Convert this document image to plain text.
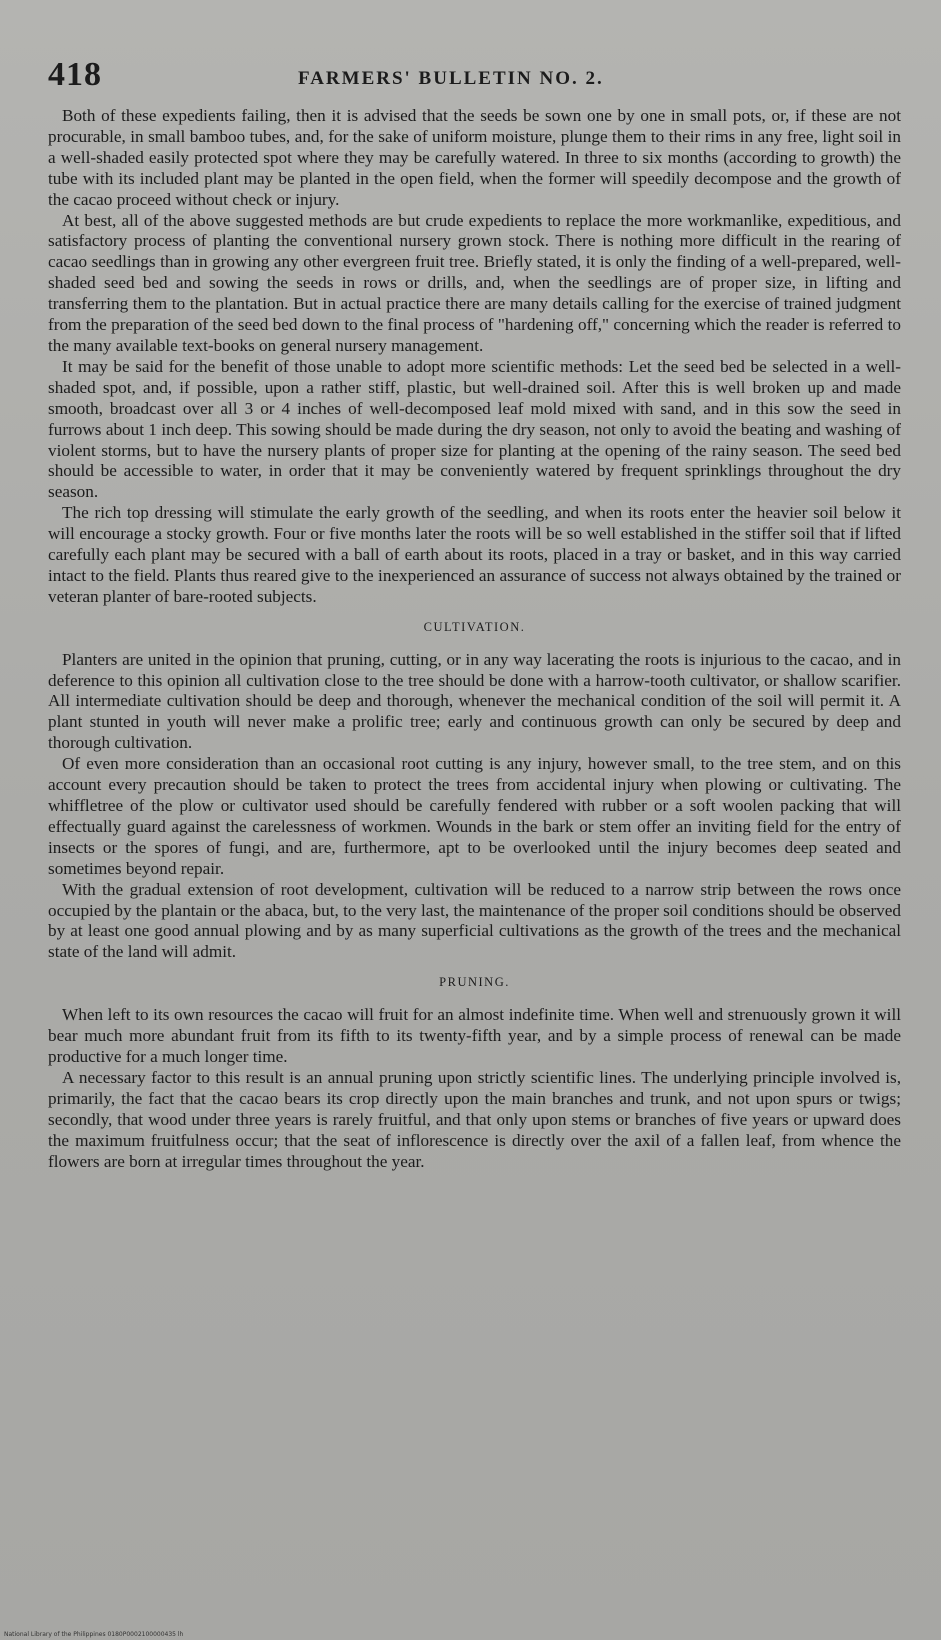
418	FARMERS' BULLETIN NO. 2.

Both of these expedients failing, then it is advised that the seeds be sown one by one in small pots, or, if these are not procurable, in small bamboo tubes, and, for the sake of uniform moisture, plunge them to their rims in any free, light soil in a well-shaded easily protected spot where they may be carefully watered. In three to six months (according to growth) the tube with its included plant may be planted in the open field, when the former will speedily decompose and the growth of the cacao proceed without check or injury.

At best, all of the above suggested methods are but crude expedients to replace the more workmanlike, expeditious, and satisfactory process of planting the conventional nursery grown stock. There is nothing more difficult in the rearing of cacao seedlings than in growing any other evergreen fruit tree. Briefly stated, it is only the finding of a well-prepared, well-shaded seed bed and sowing the seeds in rows or drills, and, when the seedlings are of proper size, in lifting and transferring them to the plantation. But in actual practice there are many details calling for the exercise of trained judgment from the preparation of the seed bed down to the final process of "hardening off," concerning which the reader is referred to the many available text-books on general nursery management.

It may be said for the benefit of those unable to adopt more scientific methods: Let the seed bed be selected in a well-shaded spot, and, if possible, upon a rather stiff, plastic, but well-drained soil. After this is well broken up and made smooth, broadcast over all 3 or 4 inches of well-decomposed leaf mold mixed with sand, and in this sow the seed in furrows about 1 inch deep. This sowing should be made during the dry season, not only to avoid the beating and washing of violent storms, but to have the nursery plants of proper size for planting at the opening of the rainy season. The seed bed should be accessible to water, in order that it may be conveniently watered by frequent sprinklings throughout the dry season.

The rich top dressing will stimulate the early growth of the seedling, and when its roots enter the heavier soil below it will encourage a stocky growth. Four or five months later the roots will be so well established in the stiffer soil that if lifted carefully each plant may be secured with a ball of earth about its roots, placed in a tray or basket, and in this way carried intact to the field. Plants thus reared give to the inexperienced an assurance of success not always obtained by the trained or veteran planter of bare-rooted subjects.

CULTIVATION.

Planters are united in the opinion that pruning, cutting, or in any way lacerating the roots is injurious to the cacao, and in deference to this opinion all cultivation close to the tree should be done with a harrow-tooth cultivator, or shallow scarifier. All intermediate cultivation should be deep and thorough, whenever the mechanical condition of the soil will permit it. A plant stunted in youth will never make a prolific tree; early and continuous growth can only be secured by deep and thorough cultivation.

Of even more consideration than an occasional root cutting is any injury, however small, to the tree stem, and on this account every precaution should be taken to protect the trees from accidental injury when plowing or cultivating. The whiffletree of the plow or cultivator used should be carefully fendered with rubber or a soft woolen packing that will effectually guard against the carelessness of workmen. Wounds in the bark or stem offer an inviting field for the entry of insects or the spores of fungi, and are, furthermore, apt to be overlooked until the injury becomes deep seated and sometimes beyond repair.

With the gradual extension of root development, cultivation will be reduced to a narrow strip between the rows once occupied by the plantain or the abaca, but, to the very last, the maintenance of the proper soil conditions should be observed by at least one good annual plowing and by as many superficial cultivations as the growth of the trees and the mechanical state of the land will admit.

PRUNING.

When left to its own resources the cacao will fruit for an almost indefinite time. When well and strenuously grown it will bear much more abundant fruit from its fifth to its twenty-fifth year, and by a simple process of renewal can be made productive for a much longer time.

A necessary factor to this result is an annual pruning upon strictly scientific lines. The underlying principle involved is, primarily, the fact that the cacao bears its crop directly upon the main branches and trunk, and not upon spurs or twigs; secondly, that wood under three years is rarely fruitful, and that only upon stems or branches of five years or upward does the maximum fruitfulness occur; that the seat of inflorescence is directly over the axil of a fallen leaf, from whence the flowers are born at irregular times throughout the year.

National Library of the Philippines 0180P0002100000435 lh
